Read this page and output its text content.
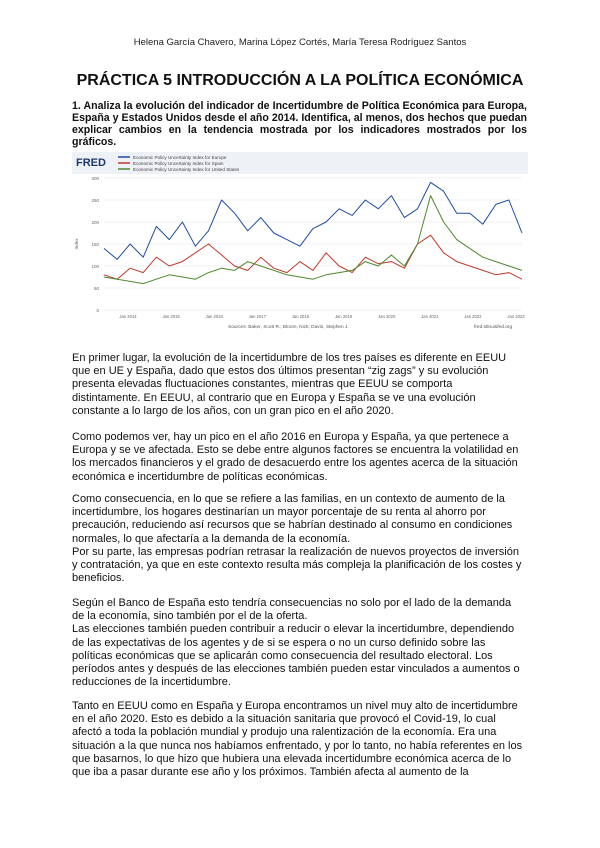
Helena García Chavero, Marina López Cortés, María Teresa Rodríguez Santos
PRÁCTICA 5 INTRODUCCIÓN A LA POLÍTICA ECONÓMICA

1. Analiza la evolución del indicador de Incertidumbre de Política Económica para Europa, España y Estados Unidos desde el año 2014. Identifica, al menos, dos hechos que puedan explicar cambios en la tendencia mostrada por los indicadores mostrados por los gráficos.

FRED	Economic Policy Uncertainty Index for Europe
Economic Policy Uncertainty Index for Spain
Economic Policy Uncertainty Index for United States
300
250
200
150
100
50
0
Index
Jan 2014	Jan 2015	Jan 2016	Jan 2017	Jan 2018	Jan 2019	Jan 2020	Jan 2021	Jan 2022	Jan 2023
Sources: Baker, Scott R.; Bloom, Nick; Davis, Stephen J.	fred.stlouisfed.org
En primer lugar, la evolución de la incertidumbre de los tres países es diferente en EEUU
que en UE y España, dado que estos dos últimos presentan “zig zags” y su evolución
presenta elevadas fluctuaciones constantes, mientras que EEUU se comporta
distintamente. En EEUU, al contrario que en Europa y España se ve una evolución
constante a lo largo de los años, con un gran pico en el año 2020.
Como podemos ver, hay un pico en el año 2016 en Europa y España, ya que pertenece a
Europa y se ve afectada. Esto se debe entre algunos factores se encuentra la volatilidad en
los mercados financieros y el grado de desacuerdo entre los agentes acerca de la situación
económica e incertidumbre de políticas económicas.
Como consecuencia, en lo que se refiere a las familias, en un contexto de aumento de la
incertidumbre, los hogares destinarían un mayor porcentaje de su renta al ahorro por
precaución, reduciendo así recursos que se habrían destinado al consumo en condiciones
normales, lo que afectaría a la demanda de la economía.
Por su parte, las empresas podrían retrasar la realización de nuevos proyectos de inversión
y contratación, ya que en este contexto resulta más compleja la planificación de los costes y
beneficios.
Según el Banco de España esto tendría consecuencias no solo por el lado de la demanda
de la economía, sino también por el de la oferta.
Las elecciones también pueden contribuir a reducir o elevar la incertidumbre, dependiendo
de las expectativas de los agentes y de si se espera o no un curso definido sobre las
políticas económicas que se aplicarán como consecuencia del resultado electoral. Los
períodos antes y después de las elecciones también pueden estar vinculados a aumentos o
reducciones de la incertidumbre.
Tanto en EEUU como en España y Europa encontramos un nivel muy alto de incertidumbre
en el año 2020. Esto es debido a la situación sanitaria que provocó el Covid-19, lo cual
afectó a toda la población mundial y produjo una ralentización de la economía. Era una
situación a la que nunca nos habíamos enfrentado, y por lo tanto, no había referentes en los
que basarnos, lo que hizo que hubiera una elevada incertidumbre económica acerca de lo
que iba a pasar durante ese año y los próximos. También afecta al aumento de la
